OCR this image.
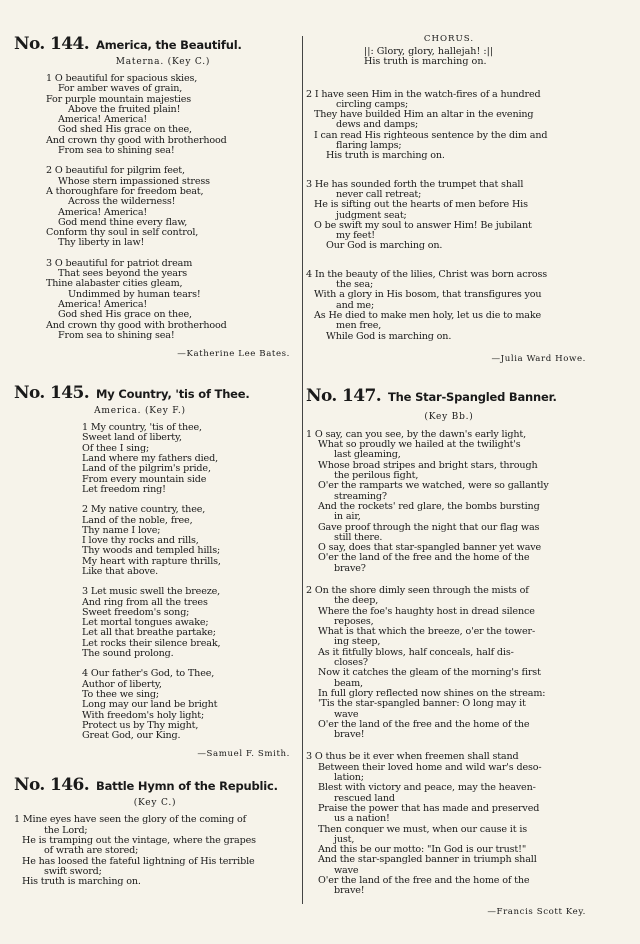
No. 144. America, the Beautiful.
Materna. (Key C.)
1 O beautiful for spacious skies,
For amber waves of grain,
For purple mountain majesties
Above the fruited plain!
America! America!
God shed His grace on thee,
And crown thy good with brotherhood
From sea to shining sea!
2 O beautiful for pilgrim feet,
Whose stern impassioned stress
A thoroughfare for freedom beat,
Across the wilderness!
America! America!
God mend thine every flaw,
Conform thy soul in self control,
Thy liberty in law!
3 O beautiful for patriot dream
That sees beyond the years
Thine alabaster cities gleam,
Undimmed by human tears!
America! America!
God shed His grace on thee,
And crown thy good with brotherhood
From sea to shining sea!
—Katherine Lee Bates.
No. 145. My Country, 'tis of Thee.
America. (Key F.)
1 My country, 'tis of thee,
Sweet land of liberty,
Of thee I sing;
Land where my fathers died,
Land of the pilgrim's pride,
From every mountain side
Let freedom ring!
2 My native country, thee,
Land of the noble, free,
Thy name I love;
I love thy rocks and rills,
Thy woods and templed hills;
My heart with rapture thrills,
Like that above.
3 Let music swell the breeze,
And ring from all the trees
Sweet freedom's song;
Let mortal tongues awake;
Let all that breathe partake;
Let rocks their silence break,
The sound prolong.
4 Our father's God, to Thee,
Author of liberty,
To thee we sing;
Long may our land be bright
With freedom's holy light;
Protect us by Thy might,
Great God, our King.
—Samuel F. Smith.
No. 146. Battle Hymn of the Republic.
(Key C.)
1 Mine eyes have seen the glory of the coming of
the Lord;
He is tramping out the vintage, where the grapes
of wrath are stored;
He has loosed the fateful lightning of His terrible
swift sword;
His truth is marching on.
CHORUS.
||: Glory, glory, hallejah! :||
His truth is marching on.
2 I have seen Him in the watch-fires of a hundred
circling camps;
They have builded Him an altar in the evening
dews and damps;
I can read His righteous sentence by the dim and
flaring lamps;
His truth is marching on.
3 He has sounded forth the trumpet that shall
never call retreat;
He is sifting out the hearts of men before His
judgment seat;
O be swift my soul to answer Him! Be jubilant
my feet!
Our God is marching on.
4 In the beauty of the lilies, Christ was born across
the sea;
With a glory in His bosom, that transfigures you
and me;
As He died to make men holy, let us die to make
men free,
While God is marching on.
—Julia Ward Howe.
No. 147. The Star-Spangled Banner.
(Key Bb.)
1 O say, can you see, by the dawn's early light,
What so proudly we hailed at the twilight's
last gleaming,
Whose broad stripes and bright stars, through
the perilous fight,
O'er the ramparts we watched, were so gallantly
streaming?
And the rockets' red glare, the bombs bursting
in air,
Gave proof through the night that our flag was
still there.
O say, does that star-spangled banner yet wave
O'er the land of the free and the home of the
brave?
2 On the shore dimly seen through the mists of
the deep,
Where the foe's haughty host in dread silence
reposes,
What is that which the breeze, o'er the tower-
ing steep,
As it fitfully blows, half conceals, half dis-
closes?
Now it catches the gleam of the morning's first
beam,
In full glory reflected now shines on the stream:
'Tis the star-spangled banner: O long may it
wave
O'er the land of the free and the home of the
brave!
3 O thus be it ever when freemen shall stand
Between their loved home and wild war's deso-
lation;
Blest with victory and peace, may the heaven-
rescued land
Praise the power that has made and preserved
us a nation!
Then conquer we must, when our cause it is
just,
And this be our motto: "In God is our trust!"
And the star-spangled banner in triumph shall
wave
O'er the land of the free and the home of the
brave!
—Francis Scott Key.
